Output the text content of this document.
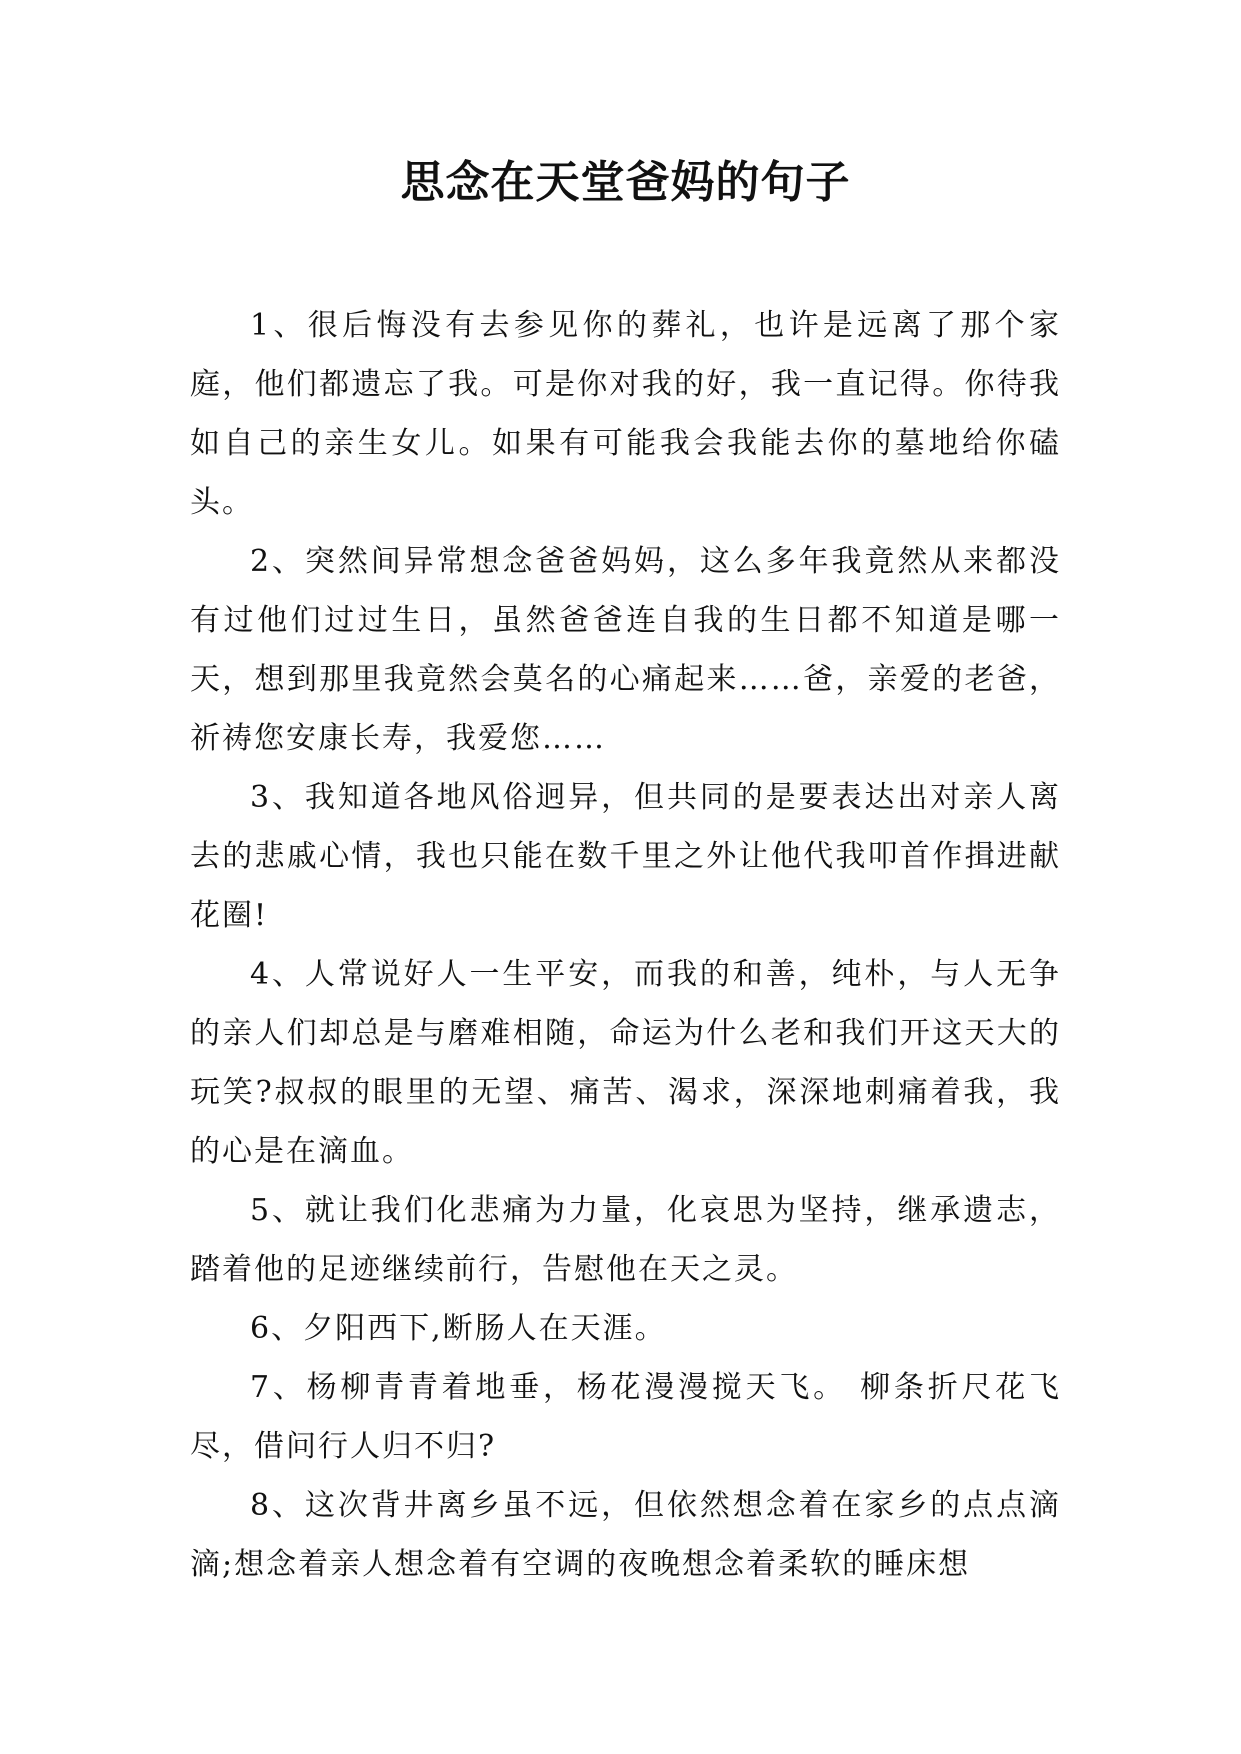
思念在天堂爸妈的句子

1、很后悔没有去参见你的葬礼，也许是远离了那个家庭，他们都遗忘了我。可是你对我的好，我一直记得。你待我如自己的亲生女儿。如果有可能我会我能去你的墓地给你磕头。

2、突然间异常想念爸爸妈妈，这么多年我竟然从来都没有过他们过过生日，虽然爸爸连自我的生日都不知道是哪一天，想到那里我竟然会莫名的心痛起来……爸，亲爱的老爸，祈祷您安康长寿，我爱您……

3、我知道各地风俗迥异，但共同的是要表达出对亲人离去的悲戚心情，我也只能在数千里之外让他代我叩首作揖进献花圈!

4、人常说好人一生平安，而我的和善，纯朴，与人无争的亲人们却总是与磨难相随，命运为什么老和我们开这天大的玩笑?叔叔的眼里的无望、痛苦、渴求，深深地刺痛着我，我的心是在滴血。

5、就让我们化悲痛为力量，化哀思为坚持，继承遗志，踏着他的足迹继续前行，告慰他在天之灵。

6、夕阳西下,断肠人在天涯。

7、杨柳青青着地垂，杨花漫漫搅天飞。 柳条折尺花飞尽，借问行人归不归?

8、这次背井离乡虽不远，但依然想念着在家乡的点点滴滴;想念着亲人想念着有空调的夜晚想念着柔软的睡床想
